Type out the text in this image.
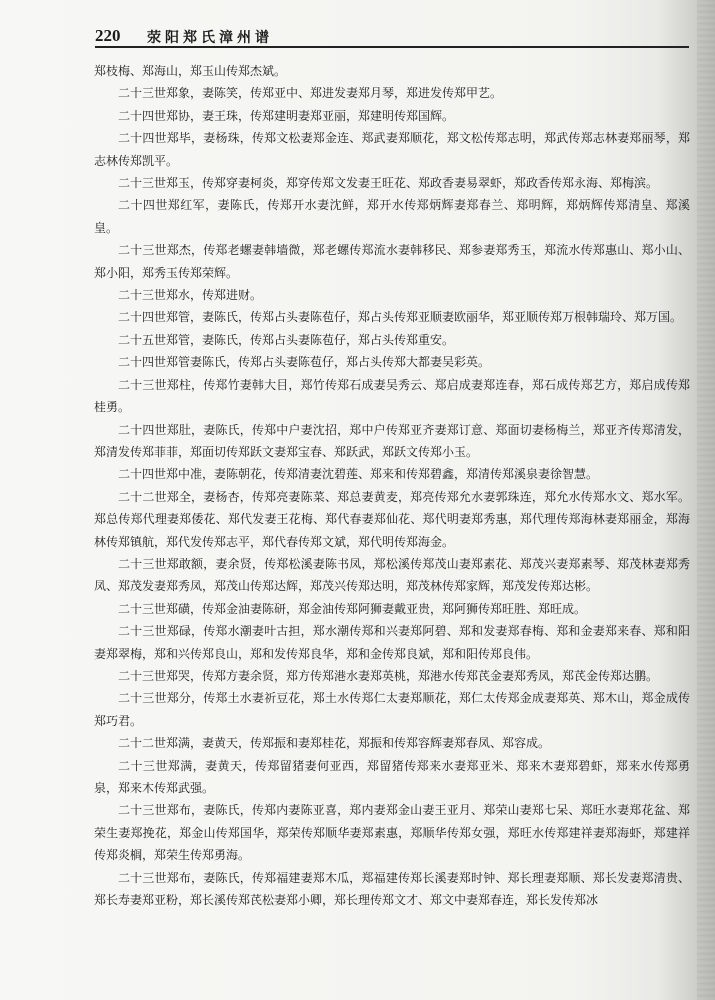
220 荥阳郑氏漳州谱

郑枝梅、郑海山，郑玉山传郑杰斌。

二十三世郑象，妻陈笑，传郑亚中、郑进发妻郑月琴，郑进发传郑甲艺。

二十四世郑协，妻王珠，传郑建明妻郑亚丽，郑建明传郑国辉。

二十四世郑毕，妻杨珠，传郑文松妻郑金连、郑武妻郑顺花，郑文松传郑志明，郑武传郑志林妻郑丽琴，郑志林传郑凯平。

二十三世郑玉，传郑穿妻柯炎，郑穿传郑文发妻王旺花、郑政香妻易翠虾，郑政香传郑永海、郑梅滨。

二十四世郑红军，妻陈氏，传郑开水妻沈鲜，郑开水传郑炳辉妻郑春兰、郑明辉，郑炳辉传郑清皇、郑溪皇。

二十三世郑杰，传郑老螺妻韩墙微，郑老螺传郑流水妻韩移民、郑参妻郑秀玉，郑流水传郑惠山、郑小山、郑小阳，郑秀玉传郑荣辉。

二十三世郑水，传郑进财。

二十四世郑管，妻陈氏，传郑占头妻陈苞仔，郑占头传郑亚顺妻欧丽华，郑亚顺传郑万根韩瑞玲、郑万国。

二十五世郑管，妻陈氏，传郑占头妻陈苞仔，郑占头传郑重安。

二十四世郑管妻陈氏，传郑占头妻陈苞仔，郑占头传郑大都妻吴彩英。

二十三世郑柱，传郑竹妻韩大目，郑竹传郑石成妻吴秀云、郑启成妻郑连春，郑石成传郑艺方，郑启成传郑桂勇。

二十四世郑肚，妻陈氏，传郑中户妻沈招，郑中户传郑亚齐妻郑订意、郑面切妻杨梅兰，郑亚齐传郑清发，郑清发传郑菲菲，郑面切传郑跃文妻郑宝春、郑跃武，郑跃文传郑小玉。

二十四世郑中准，妻陈朝花，传郑清妻沈碧莲、郑来和传郑碧鑫，郑清传郑溪泉妻徐智慧。

二十二世郑全，妻杨杏，传郑亮妻陈菜、郑总妻黄麦，郑亮传郑允水妻郭珠连，郑允水传郑水文、郑水军。郑总传郑代理妻郑倭花、郑代发妻王花梅、郑代春妻郑仙花、郑代明妻郑秀惠，郑代理传郑海林妻郑丽金，郑海林传郑镇航，郑代发传郑志平，郑代春传郑文斌，郑代明传郑海金。

二十三世郑敢额，妻余贤，传郑松溪妻陈书凤，郑松溪传郑茂山妻郑素花、郑茂兴妻郑素琴、郑茂林妻郑秀凤、郑茂发妻郑秀凤，郑茂山传郑达辉，郑茂兴传郑达明，郑茂林传郑家辉，郑茂发传郑达彬。

二十三世郑磺，传郑金油妻陈研，郑金油传郑阿狮妻戴亚贵，郑阿狮传郑旺胜、郑旺成。

二十三世郑碌，传郑水潮妻叶古担，郑水潮传郑和兴妻郑阿碧、郑和发妻郑春梅、郑和金妻郑来春、郑和阳妻郑翠梅，郑和兴传郑良山，郑和发传郑良华，郑和金传郑良斌，郑和阳传郑良伟。

二十三世郑哭，传郑方妻余贤，郑方传郑港水妻郑英桃，郑港水传郑芪金妻郑秀凤，郑芪金传郑达鹏。

二十三世郑分，传郑土水妻祈豆花，郑土水传郑仁太妻郑顺花，郑仁太传郑金成妻郑英、郑木山，郑金成传郑巧君。

二十二世郑满，妻黄天，传郑振和妻郑桂花，郑振和传郑容辉妻郑春凤、郑容成。

二十三世郑满，妻黄天，传郑留猪妻何亚西，郑留猪传郑来水妻郑亚米、郑来木妻郑碧虾，郑来水传郑勇泉，郑来木传郑武强。

二十三世郑布，妻陈氏，传郑内妻陈亚喜，郑内妻郑金山妻王亚月、郑荣山妻郑七呆、郑旺水妻郑花盆、郑荣生妻郑挽花，郑金山传郑国华，郑荣传郑顺华妻郑素惠，郑顺华传郑女强，郑旺水传郑建祥妻郑海虾，郑建祥传郑炎榈，郑荣生传郑勇海。

二十三世郑布，妻陈氏，传郑福建妻郑木瓜，郑福建传郑长溪妻郑时钟、郑长理妻郑顺、郑长发妻郑清贵、郑长寿妻郑亚粉，郑长溪传郑芪松妻郑小卿，郑长理传郑文才、郑文中妻郑春连，郑长发传郑冰
